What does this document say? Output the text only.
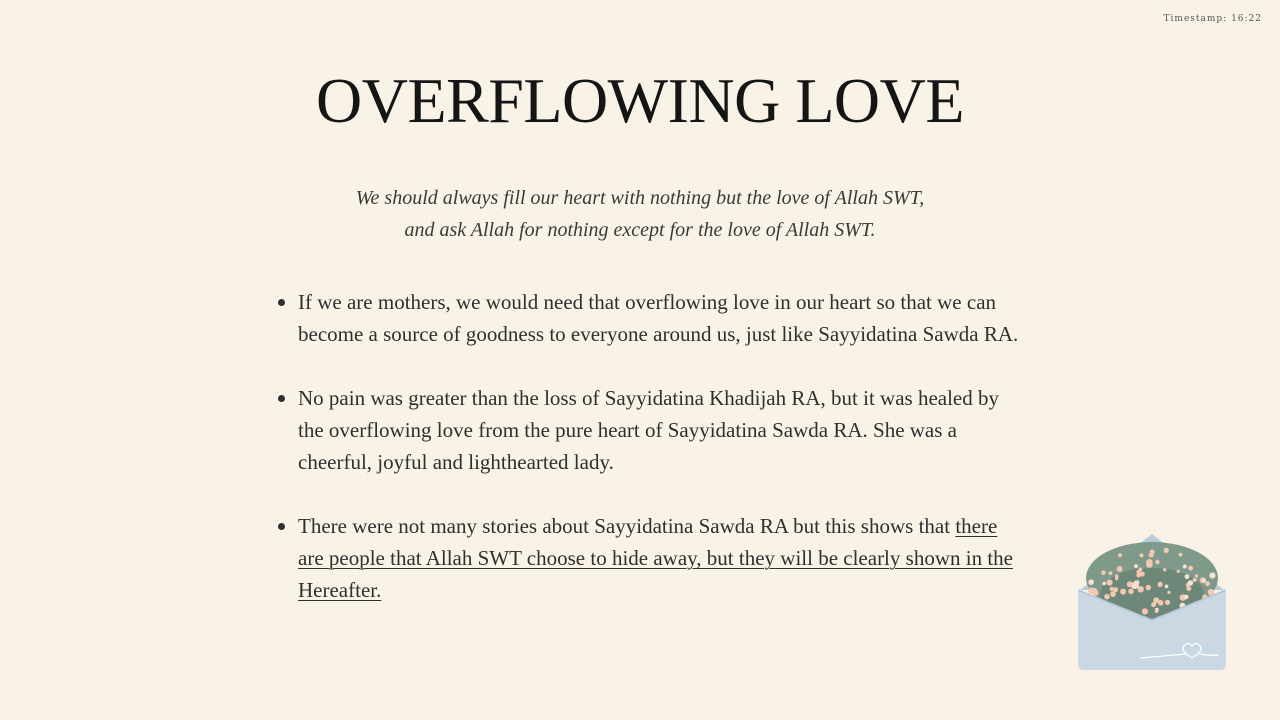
Timestamp: 16:22
OVERFLOWING LOVE

We should always fill our heart with nothing but the love of Allah SWT, and ask Allah for nothing except for the love of Allah SWT.

If we are mothers, we would need that overflowing love in our heart so that we can become a source of goodness to everyone around us, just like Sayyidatina Sawda RA.
No pain was greater than the loss of Sayyidatina Khadijah RA, but it was healed by the overflowing love from the pure heart of Sayyidatina Sawda RA. She was a cheerful, joyful and lighthearted lady.
There were not many stories about Sayyidatina Sawda RA but this shows that there are people that Allah SWT choose to hide away, but they will be clearly shown in the Hereafter.
